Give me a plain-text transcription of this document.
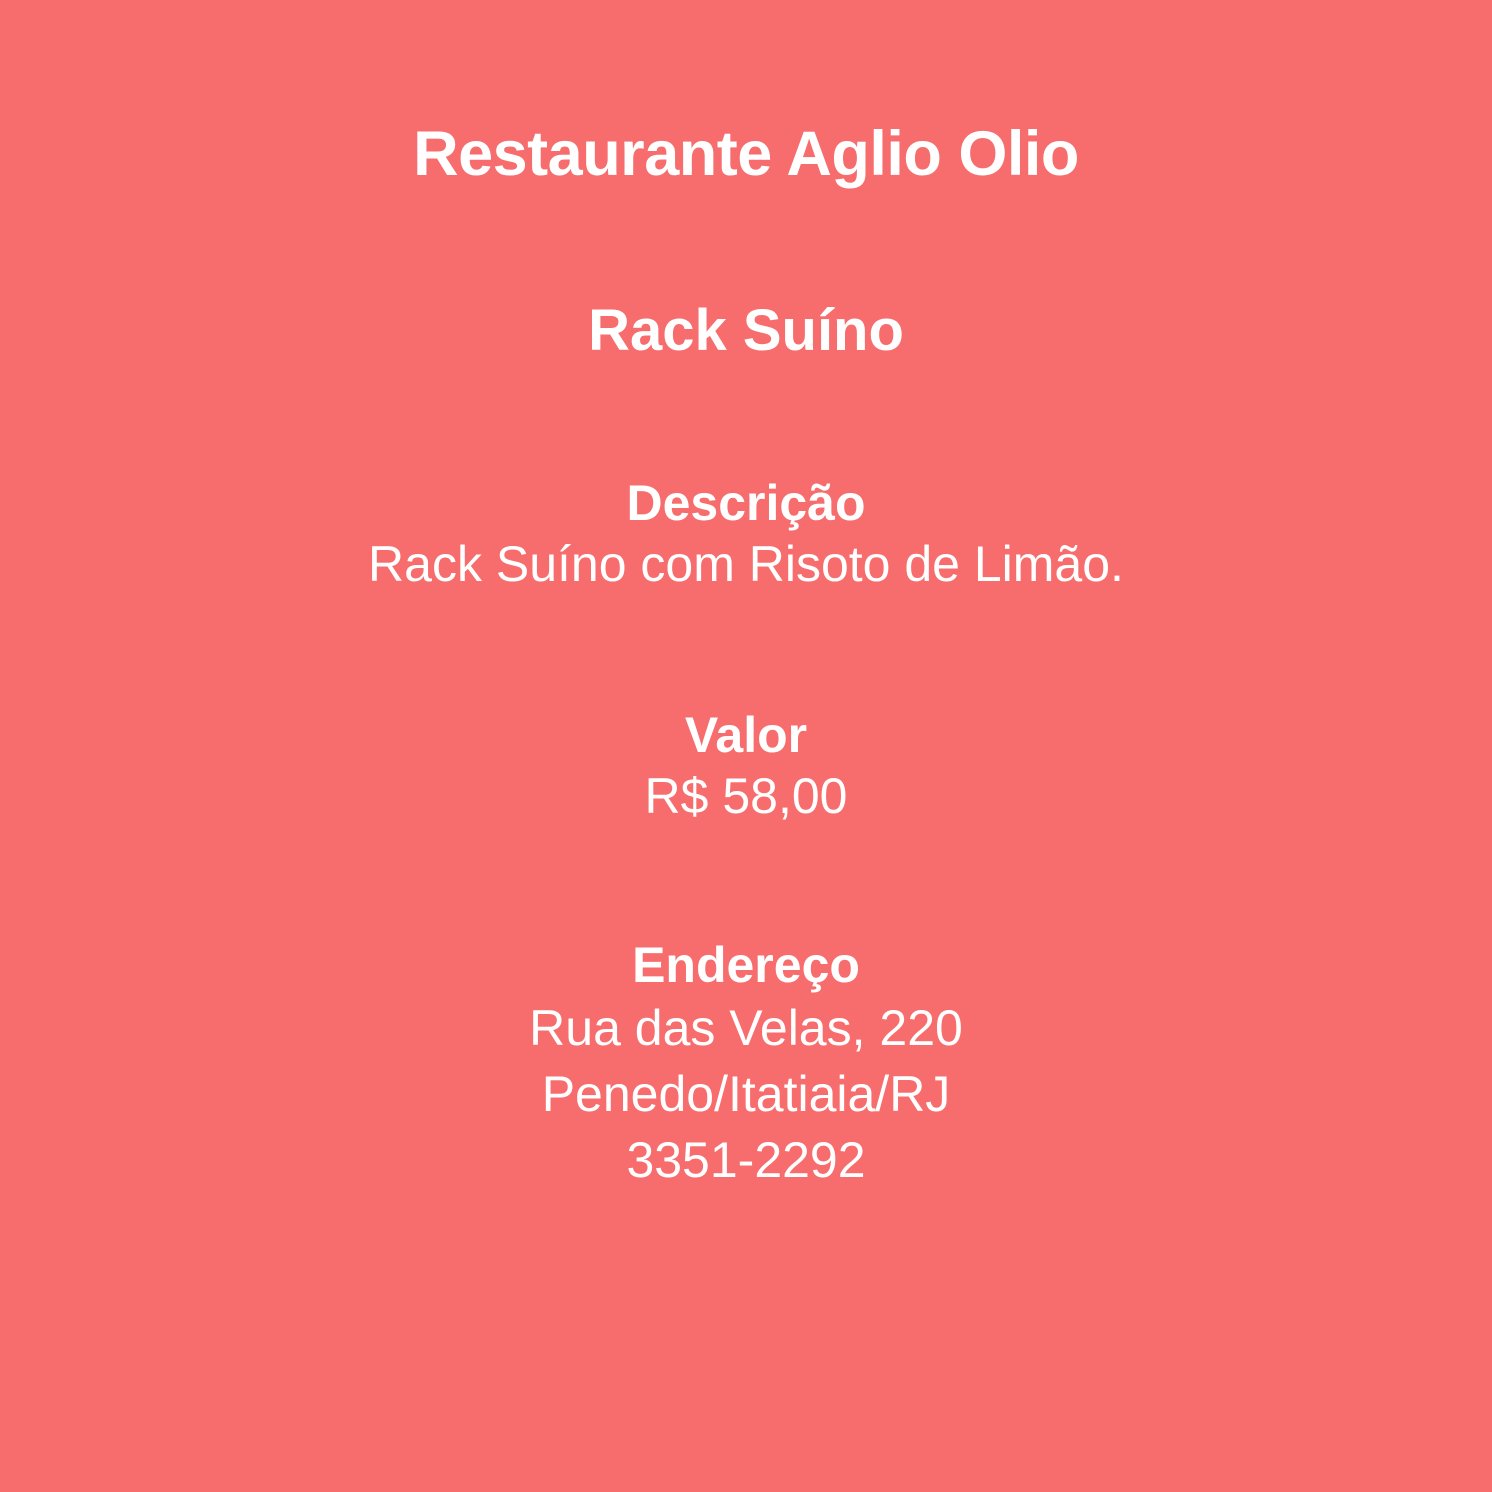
Restaurante Aglio Olio
Rack Suíno
Descrição
Rack Suíno com Risoto de Limão.
Valor
R$ 58,00
Endereço
Rua das Velas, 220
Penedo/Itatiaia/RJ
3351-2292
